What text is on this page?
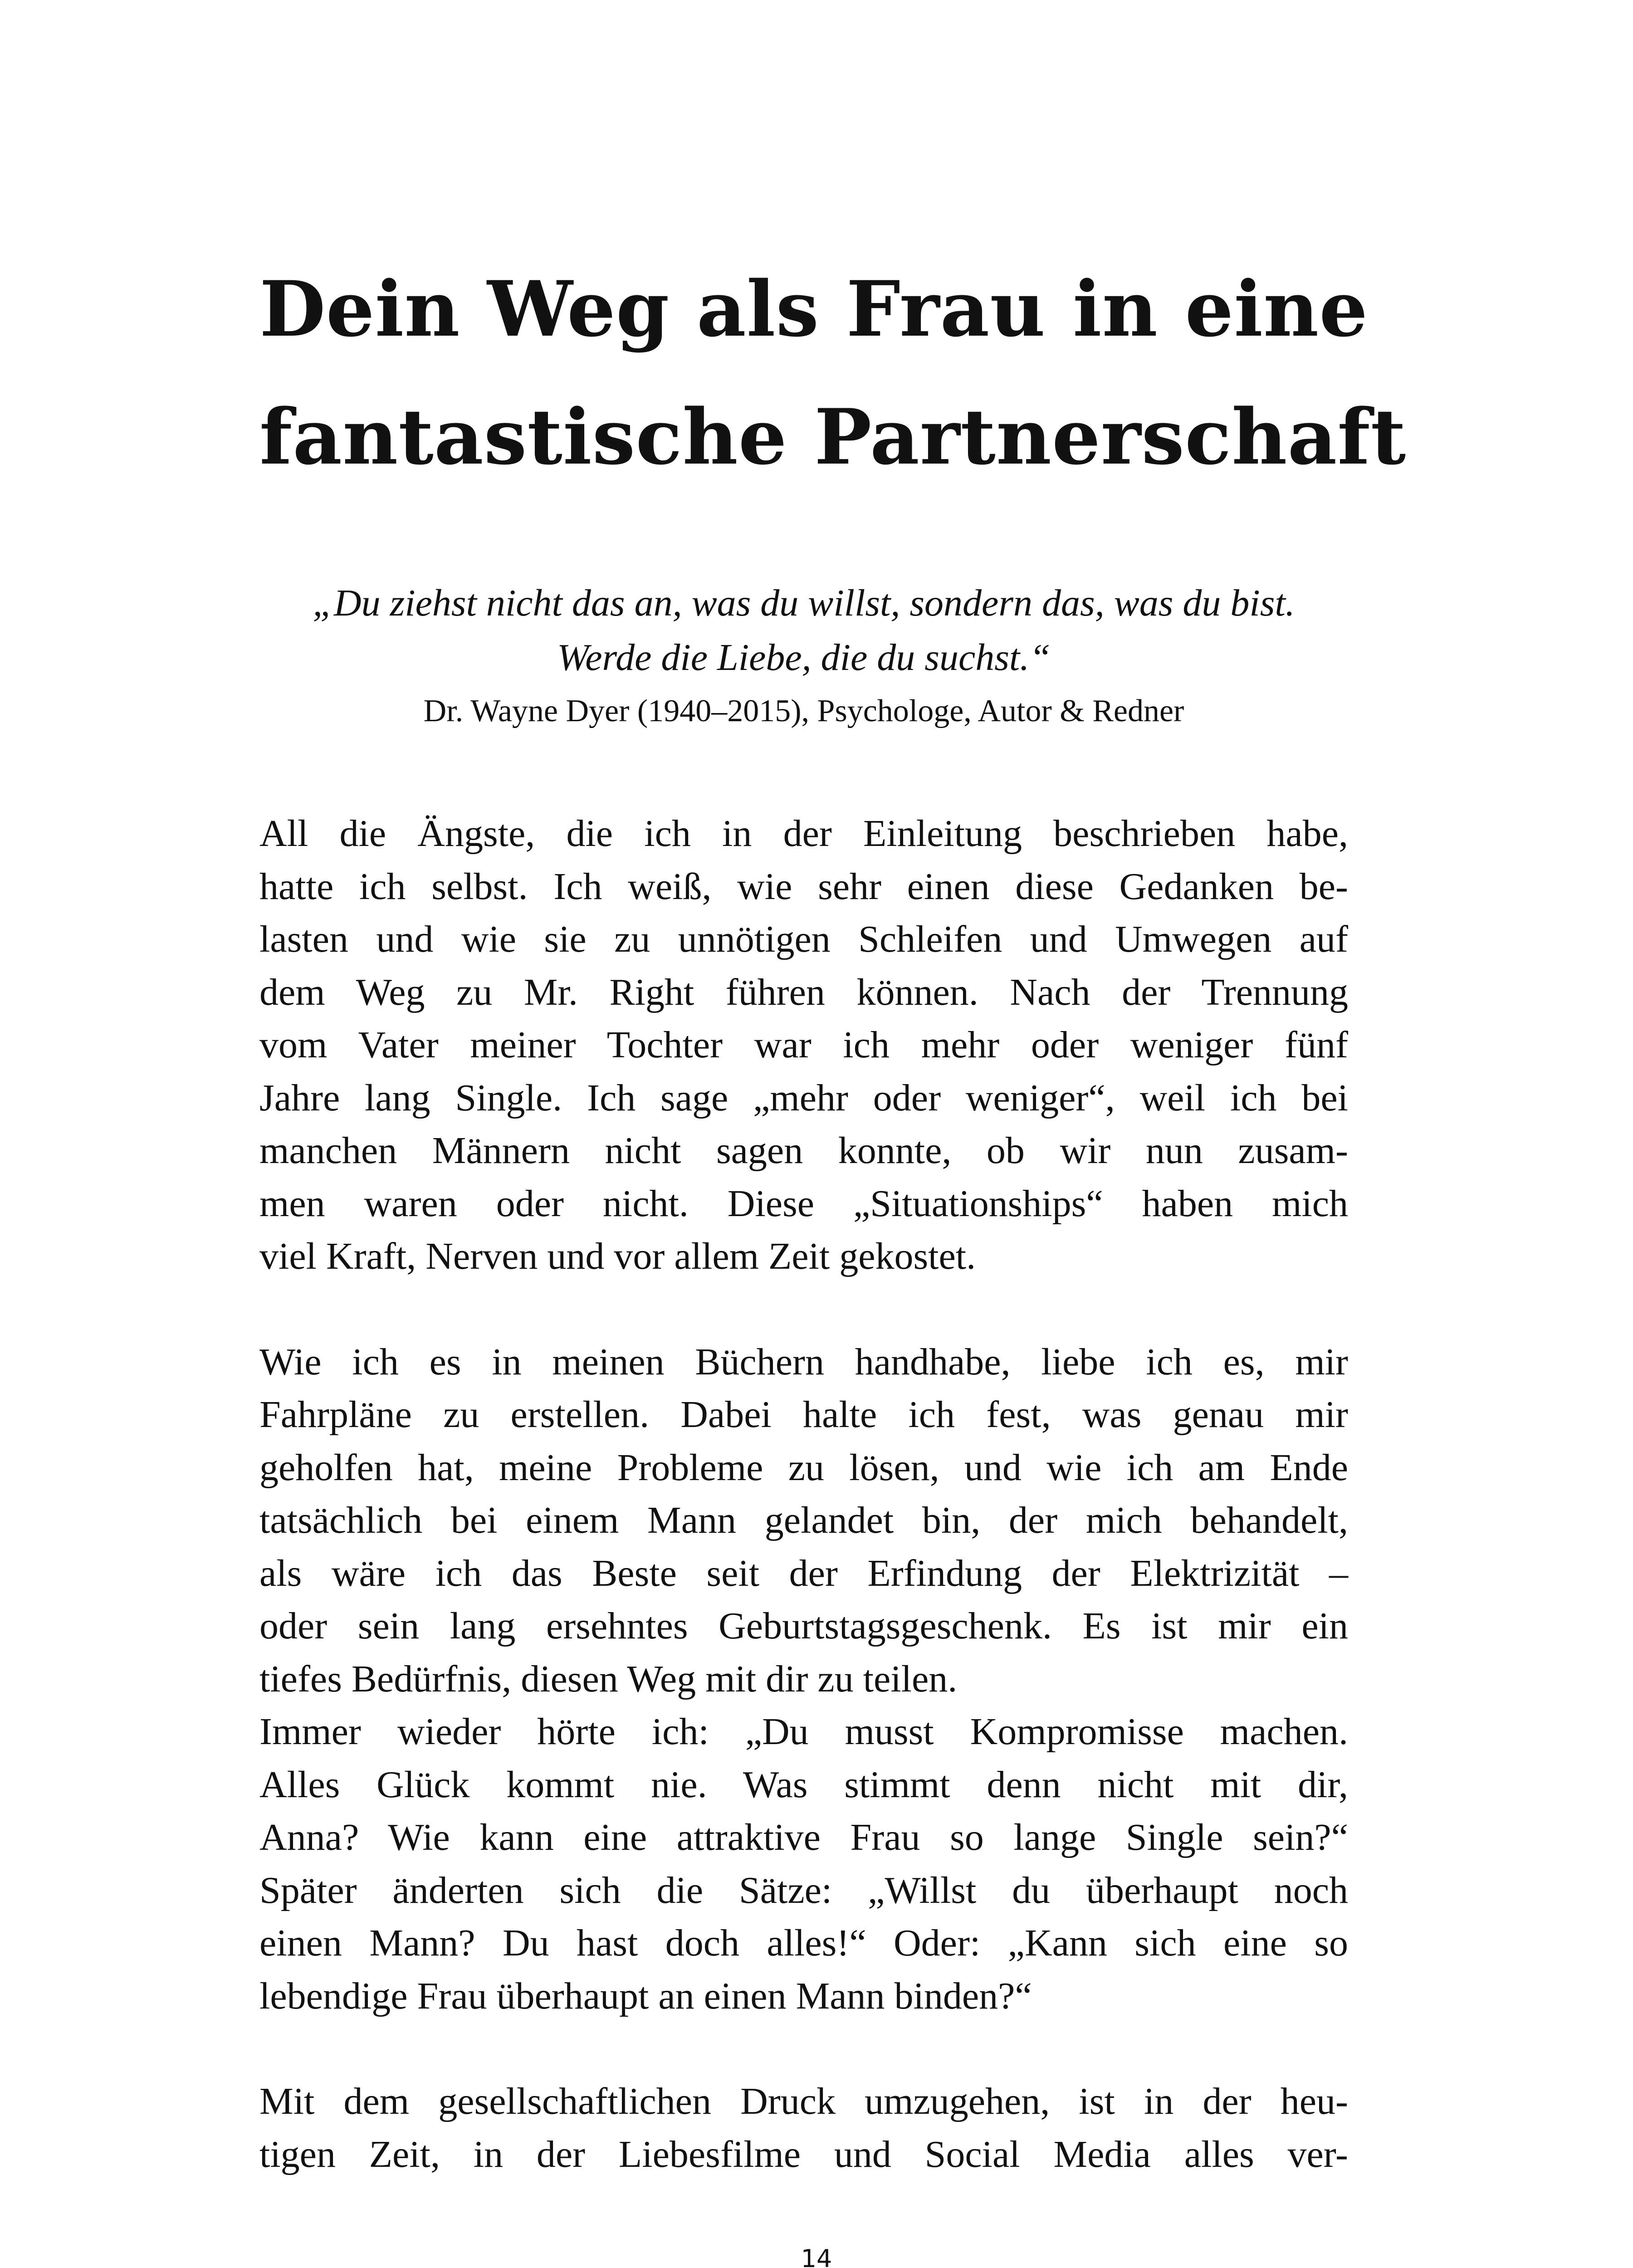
Dein Weg als Frau in eine
fantastische Partnerschaft
„Du ziehst nicht das an, was du willst, sondern das, was du bist.
Werde die Liebe, die du suchst.“
Dr. Wayne Dyer (1940–2015), Psychologe, Autor & Redner

All die Ängste, die ich in der Einleitung beschrieben habe,
hatte ich selbst. Ich weiß, wie sehr einen diese Gedanken be-
lasten und wie sie zu unnötigen Schleifen und Umwegen auf
dem Weg zu Mr. Right führen können. Nach der Trennung
vom Vater meiner Tochter war ich mehr oder weniger fünf
Jahre lang Single. Ich sage „mehr oder weniger“, weil ich bei
manchen Männern nicht sagen konnte, ob wir nun zusam-
men waren oder nicht. Diese „Situationships“ haben mich
viel Kraft, Nerven und vor allem Zeit gekostet.

Wie ich es in meinen Büchern handhabe, liebe ich es, mir
Fahrpläne zu erstellen. Dabei halte ich fest, was genau mir
geholfen hat, meine Probleme zu lösen, und wie ich am Ende
tatsächlich bei einem Mann gelandet bin, der mich behandelt,
als wäre ich das Beste seit der Erfindung der Elektrizität –
oder sein lang ersehntes Geburtstagsgeschenk. Es ist mir ein
tiefes Bedürfnis, diesen Weg mit dir zu teilen.

Immer wieder hörte ich: „Du musst Kompromisse machen.
Alles Glück kommt nie. Was stimmt denn nicht mit dir,
Anna? Wie kann eine attraktive Frau so lange Single sein?“
Später änderten sich die Sätze: „Willst du überhaupt noch
einen Mann? Du hast doch alles!“ Oder: „Kann sich eine so
lebendige Frau überhaupt an einen Mann binden?“

Mit dem gesellschaftlichen Druck umzugehen, ist in der heu-
tigen Zeit, in der Liebesfilme und Social Media alles ver-

14
